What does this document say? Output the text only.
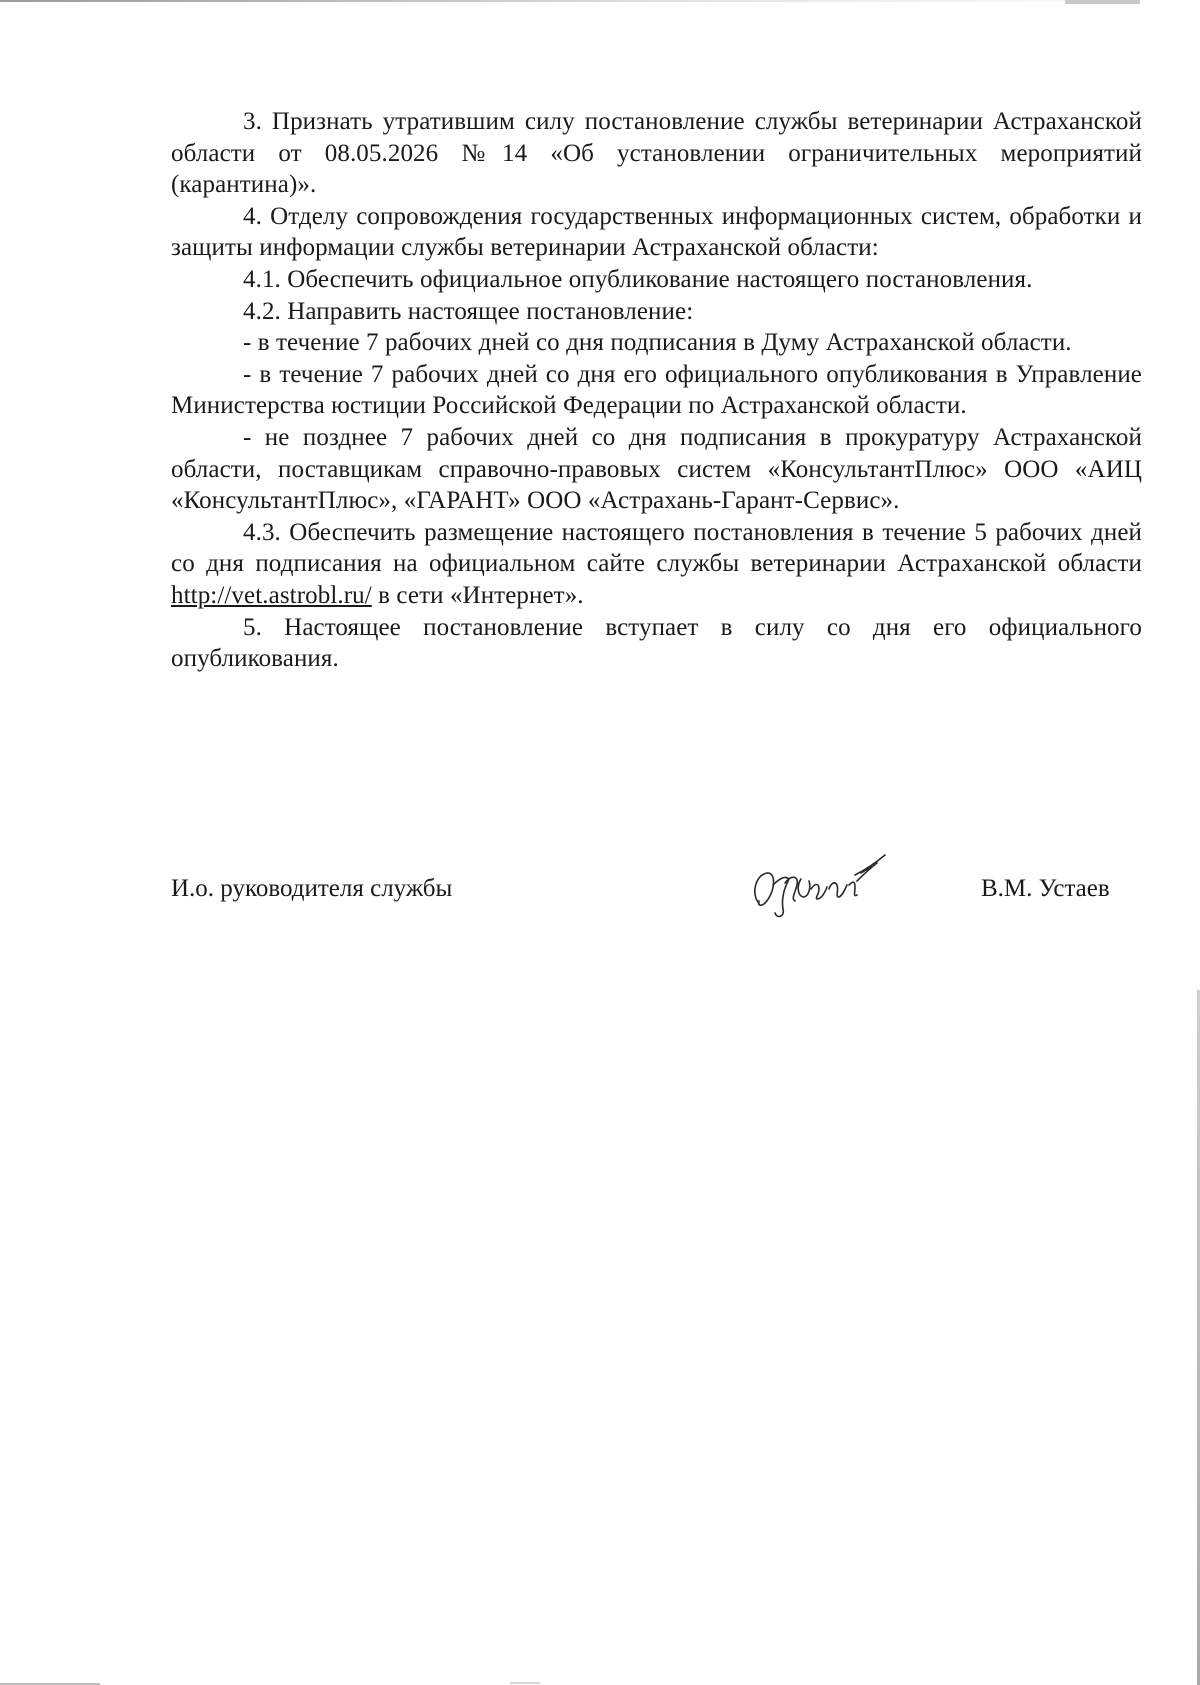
3. Признать утратившим силу постановление службы ветеринарии Астраханской области от 08.05.2026 №14 «Об установлении ограничительных мероприятий (карантина)».

4. Отделу сопровождения государственных информационных систем, обработки и защиты информации службы ветеринарии Астраханской области:

4.1. Обеспечить официальное опубликование настоящего постановления.

4.2. Направить настоящее постановление:

- в течение 7 рабочих дней со дня подписания в Думу Астраханской области.

- в течение 7 рабочих дней со дня его официального опубликования в Управление Министерства юстиции Российской Федерации по Астраханской области.

- не позднее 7 рабочих дней со дня подписания в прокуратуру Астраханской области, поставщикам справочно-правовых систем «КонсультантПлюс» ООО «АИЦ «КонсультантПлюс», «ГАРАНТ» ООО «Астрахань-Гарант-Сервис».

4.3. Обеспечить размещение настоящего постановления в течение 5 рабочих дней со дня подписания на официальном сайте службы ветеринарии Астраханской области http://vet.astrobl.ru/ в сети «Интернет».

5. Настоящее постановление вступает в силу со дня его официального опубликования.

И.о. руководителя службы	В.М. Устаев
